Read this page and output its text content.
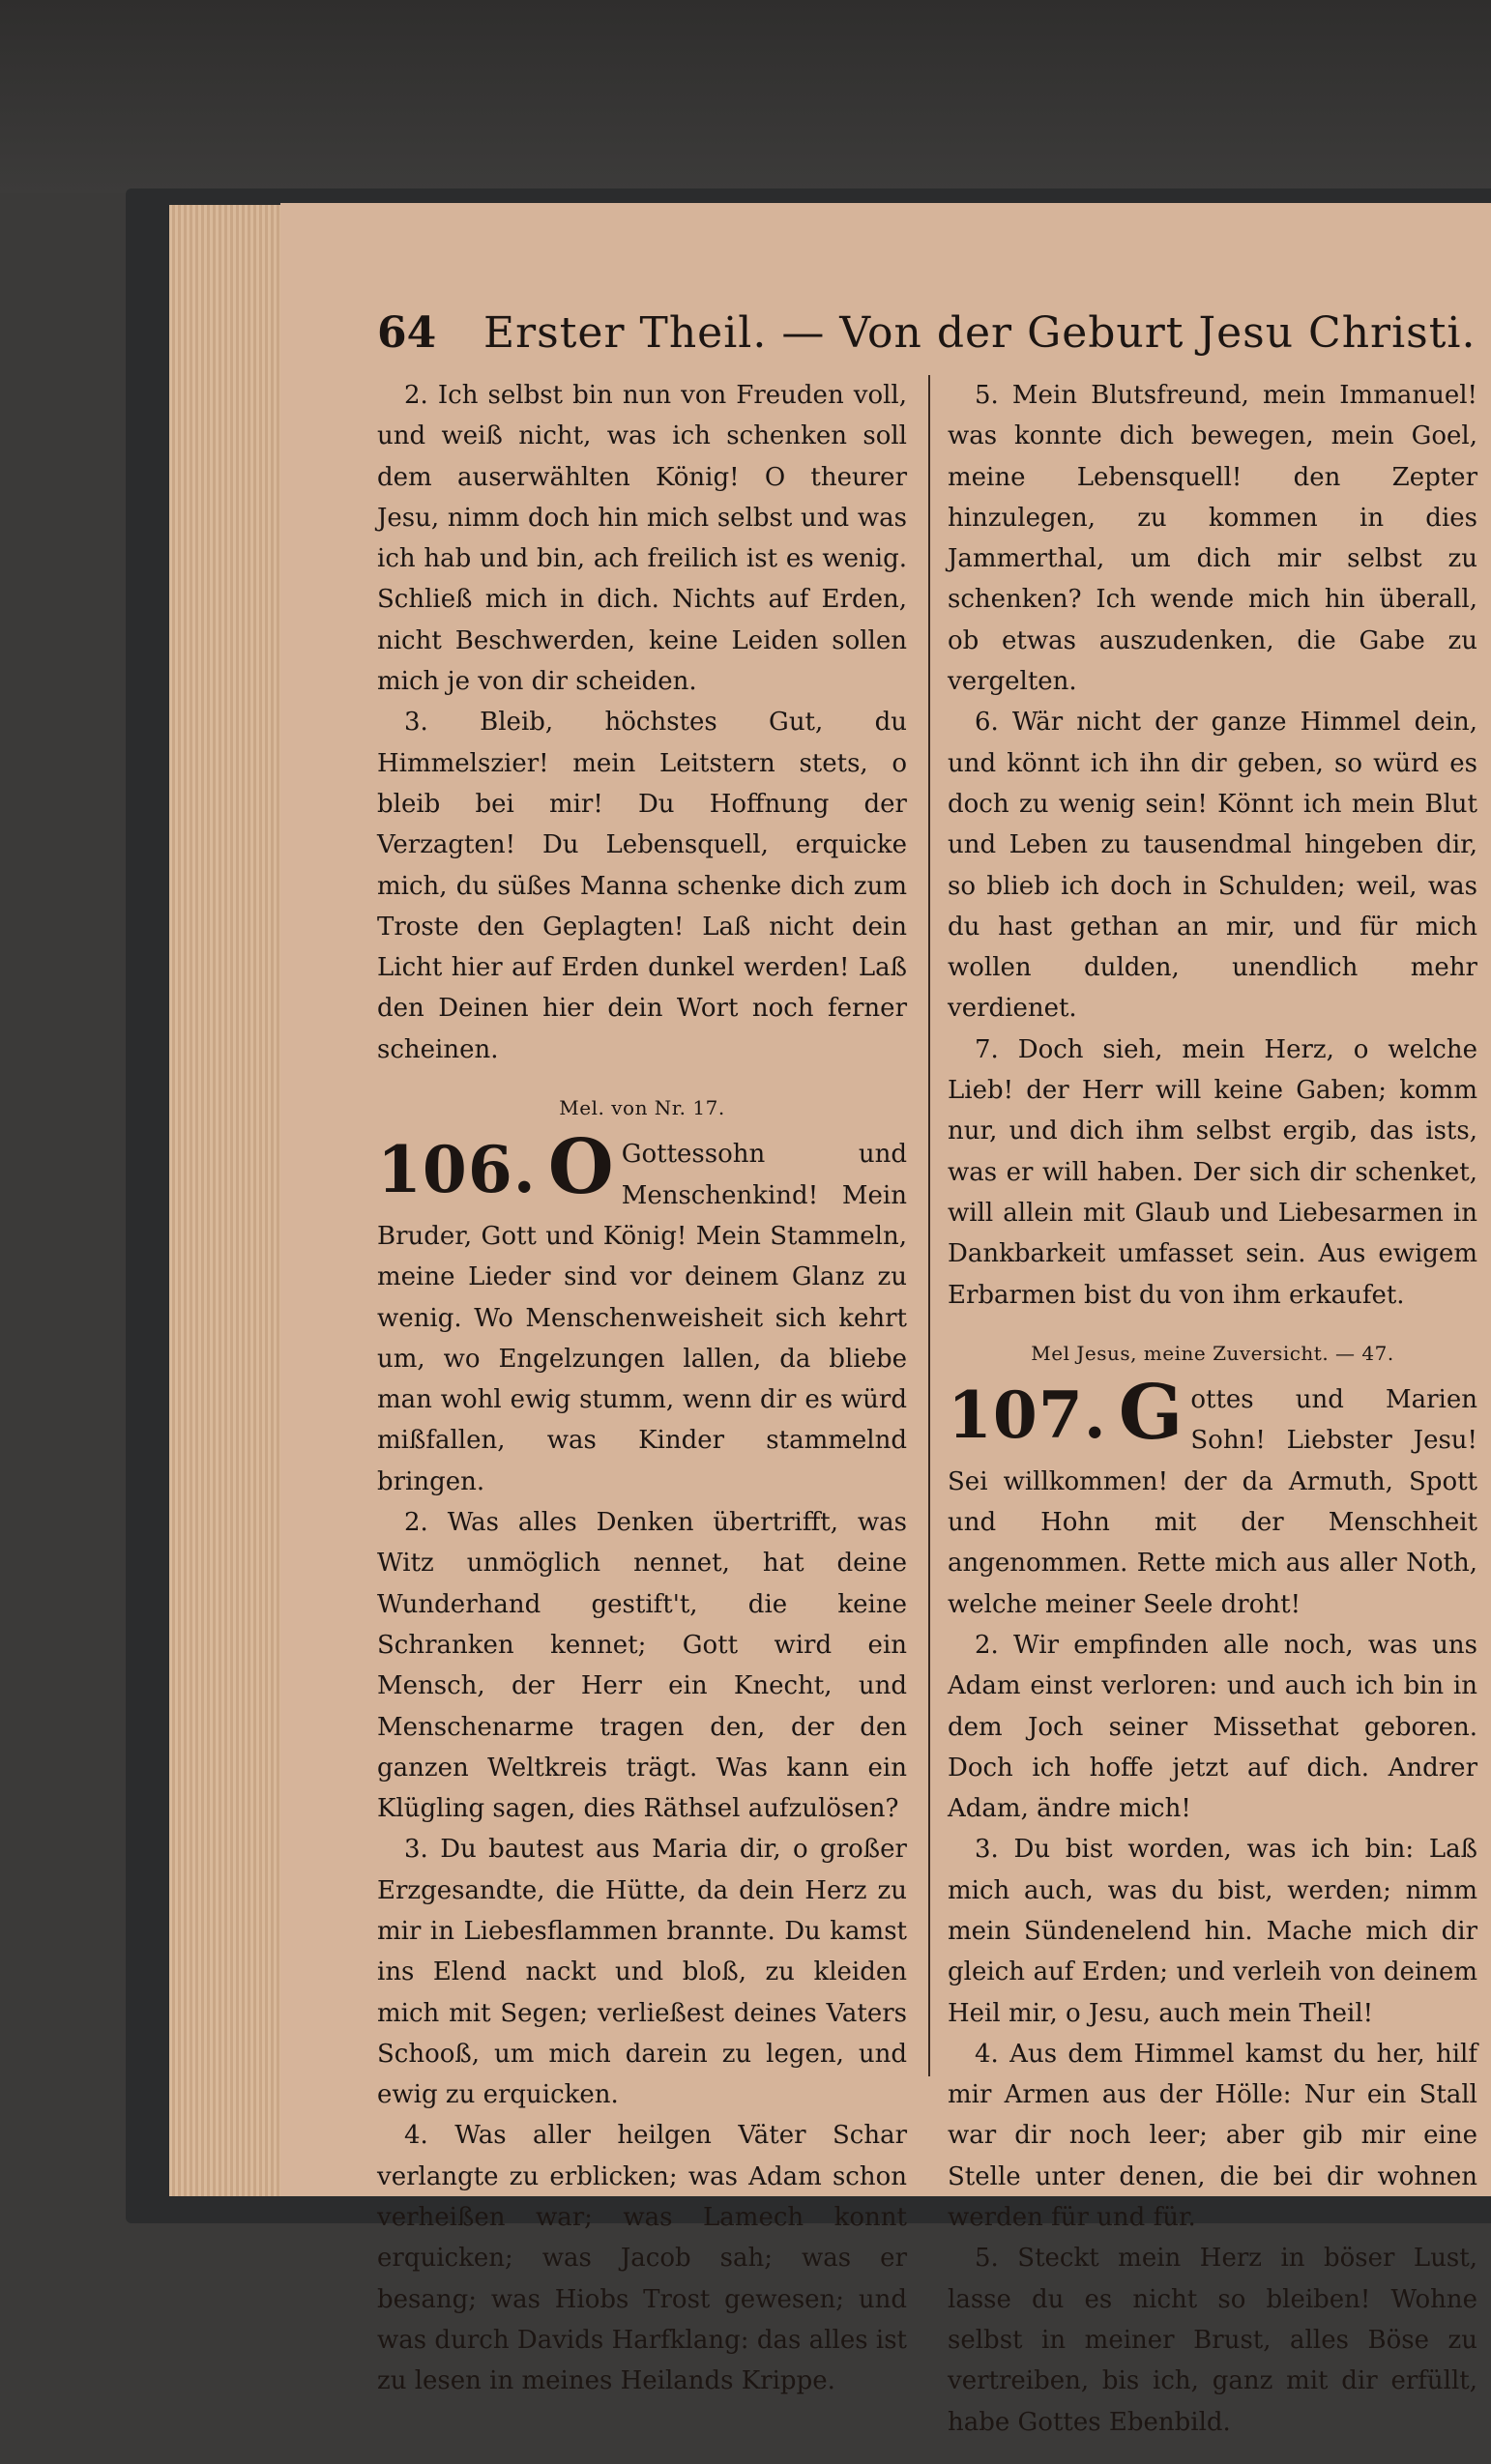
64 Erster Theil. — Von der Geburt Jesu Christi.

2. Ich selbst bin nun von Freuden voll, und weiß nicht, was ich schenken soll dem auserwählten König! O theurer Jesu, nimm doch hin mich selbst und was ich hab und bin, ach freilich ist es wenig. Schließ mich in dich. Nichts auf Erden, nicht Beschwerden, keine Leiden sollen mich je von dir scheiden.

3. Bleib, höchstes Gut, du Himmelszier! mein Leitstern stets, o bleib bei mir! Du Hoffnung der Verzagten! Du Lebensquell, erquicke mich, du süßes Manna schenke dich zum Troste den Geplagten! Laß nicht dein Licht hier auf Erden dunkel werden! Laß den Deinen hier dein Wort noch ferner scheinen.

Mel. von Nr. 17.
106. O Gottessohn und Menschenkind! Mein Bruder, Gott und König! Mein Stammeln, meine Lieder sind vor deinem Glanz zu wenig. Wo Menschenweisheit sich kehrt um, wo Engelzungen lallen, da bliebe man wohl ewig stumm, wenn dir es würd mißfallen, was Kinder stammelnd bringen.

2. Was alles Denken übertrifft, was Witz unmöglich nennet, hat deine Wunderhand gestift't, die keine Schranken kennet; Gott wird ein Mensch, der Herr ein Knecht, und Menschenarme tragen den, der den ganzen Weltkreis trägt. Was kann ein Klügling sagen, dies Räthsel aufzulösen?

3. Du bautest aus Maria dir, o großer Erzgesandte, die Hütte, da dein Herz zu mir in Liebesflammen brannte. Du kamst ins Elend nackt und bloß, zu kleiden mich mit Segen; verließest deines Vaters Schooß, um mich darein zu legen, und ewig zu erquicken.

4. Was aller heilgen Väter Schar verlangte zu erblicken; was Adam schon verheißen war; was Lamech konnt erquicken; was Jacob sah; was er besang; was Hiobs Trost gewesen; und was durch Davids Harfklang: das alles ist zu lesen in meines Heilands Krippe.

5. Mein Blutsfreund, mein Immanuel! was konnte dich bewegen, mein Goel, meine Lebensquell! den Zepter hinzulegen, zu kommen in dies Jammerthal, um dich mir selbst zu schenken? Ich wende mich hin überall, ob etwas auszudenken, die Gabe zu vergelten.

6. Wär nicht der ganze Himmel dein, und könnt ich ihn dir geben, so würd es doch zu wenig sein! Könnt ich mein Blut und Leben zu tausendmal hingeben dir, so blieb ich doch in Schulden; weil, was du hast gethan an mir, und für mich wollen dulden, unendlich mehr verdienet.

7. Doch sieh, mein Herz, o welche Lieb! der Herr will keine Gaben; komm nur, und dich ihm selbst ergib, das ists, was er will haben. Der sich dir schenket, will allein mit Glaub und Liebesarmen in Dankbarkeit umfasset sein. Aus ewigem Erbarmen bist du von ihm erkaufet.

Mel Jesus, meine Zuversicht. — 47.
107. G ottes und Marien Sohn! Liebster Jesu! Sei willkommen! der da Armuth, Spott und Hohn mit der Menschheit angenommen. Rette mich aus aller Noth, welche meiner Seele droht!

2. Wir empfinden alle noch, was uns Adam einst verloren: und auch ich bin in dem Joch seiner Missethat geboren. Doch ich hoffe jetzt auf dich. Andrer Adam, ändre mich!

3. Du bist worden, was ich bin: Laß mich auch, was du bist, werden; nimm mein Sündenelend hin. Mache mich dir gleich auf Erden; und verleih von deinem Heil mir, o Jesu, auch mein Theil!

4. Aus dem Himmel kamst du her, hilf mir Armen aus der Hölle: Nur ein Stall war dir noch leer; aber gib mir eine Stelle unter denen, die bei dir wohnen werden für und für.

5. Steckt mein Herz in böser Lust, lasse du es nicht so bleiben! Wohne selbst in meiner Brust, alles Böse zu vertreiben, bis ich, ganz mit dir erfüllt, habe Gottes Ebenbild.
